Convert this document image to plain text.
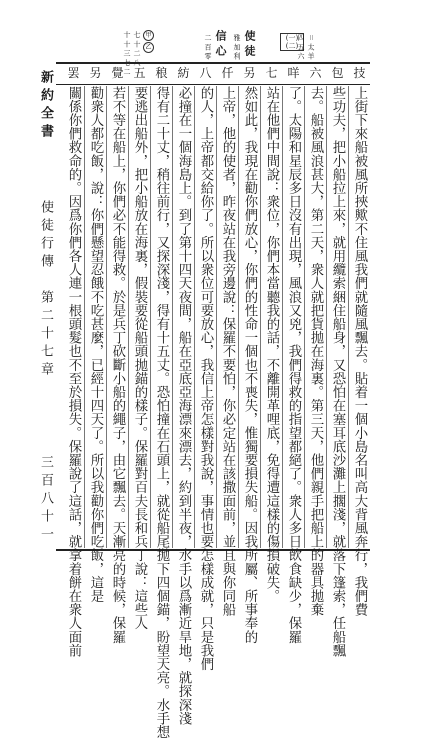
(一)
(二)	＝ 太 羊
四 五 六
使 徒
雅 加 利
信 心
二 百 零
甲
乙
七 十 二 八
十 十 三 七 二	技
包
六
咩
七
另
仟
八
紡
稂
五
覺
另
罢
上街下來船被風所挾歟不住風我們就隨風飄去。貼着一個小島名叫高大背風奔行，我們費
些功夫，把小船拉上來，就用纜索綑住船身，又恐怕在塞耳底沙灘上擱淺，就落下篷索，任船飄
去。船被風浪甚大，第二天，衆人就把貨拋在海裏。第三天，他們親手把船上的器具拋棄
了。太陽和星辰多日沒有出現，風浪又兇，我們得救的指望都絕了。衆人多日飲食缺少，保羅
站在他們中間說：衆位，你們本當聽我的話，不離開革哩底，免得遭這樣的傷損破失。
然如此，我現在勸你們放心，你們的性命一個也不喪失，惟獨要損失船。因我所屬、所事奉的
上帝，他的使者，昨夜站在我旁邊說：保羅不要怕，你必定站在該撒面前，並且與你同船
的人，上帝都交給你了。所以衆位可要放心，我信上帝怎樣對我說，事情也要怎樣成就，只是我們
必撞在一個海島上。到了第十四天夜間，船在亞底亞海漂來漂去，約到半夜，水手以爲漸近旱地，就探深淺
得有二十丈，稍往前行，又探深淺，得有十五丈。恐怕撞在石頭上，就從船尾拋下四個錨，盼望天亮。水手想
要逃出船外，把小船放在海裏，假裝要從船頭拋錨的樣子。保羅對百夫長和兵丁說：這些人
若不等在船上，你們必不能得救。於是兵丁砍斷小船的繩子，由它飄去。天漸亮的時候，保羅
勸衆人都吃飯，說：你們懸望忍餓不吃甚麼，已經十四天了。所以我勸你們吃飯，這是
關係你們救命的。因爲你們各人連一根頭髮也不至於損失。保羅說了這話，就拿着餅在衆人面前
新約全書
使徒行傳
第二十七章
三百八十一
